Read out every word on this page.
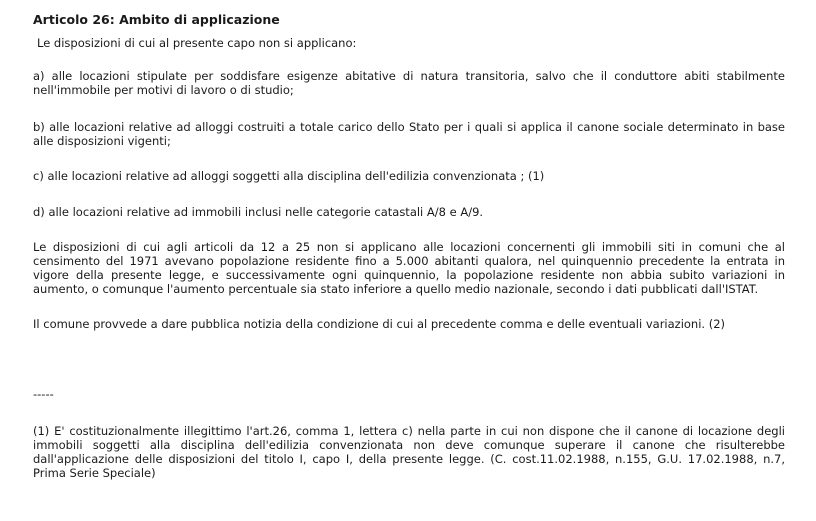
Articolo 26: Ambito di applicazione

Le disposizioni di cui al presente capo non si applicano:

a) alle locazioni stipulate per soddisfare esigenze abitative di natura transitoria, salvo che il conduttore abiti stabilmente nell'immobile per motivi di lavoro o di studio;

b) alle locazioni relative ad alloggi costruiti a totale carico dello Stato per i quali si applica il canone sociale determinato in base alle disposizioni vigenti;

c) alle locazioni relative ad alloggi soggetti alla disciplina dell'edilizia convenzionata ; (1)

d) alle locazioni relative ad immobili inclusi nelle categorie catastali A/8 e A/9.

Le disposizioni di cui agli articoli da 12 a 25 non si applicano alle locazioni concernenti gli immobili siti in comuni che al censimento del 1971 avevano popolazione residente fino a 5.000 abitanti qualora, nel quinquennio precedente la entrata in vigore della presente legge, e successivamente ogni quinquennio, la popolazione residente non abbia subito variazioni in aumento, o comunque l'aumento percentuale sia stato inferiore a quello medio nazionale, secondo i dati pubblicati dall'ISTAT.

Il comune provvede a dare pubblica notizia della condizione di cui al precedente comma e delle eventuali variazioni. (2)

-----

(1) E' costituzionalmente illegittimo l'art.26, comma 1, lettera c) nella parte in cui non dispone che il canone di locazione degli immobili soggetti alla disciplina dell'edilizia convenzionata non deve comunque superare il canone che risulterebbe dall'applicazione delle disposizioni del titolo I, capo I, della presente legge. (C. cost.11.02.1988, n.155, G.U. 17.02.1988, n.7, Prima Serie Speciale)
